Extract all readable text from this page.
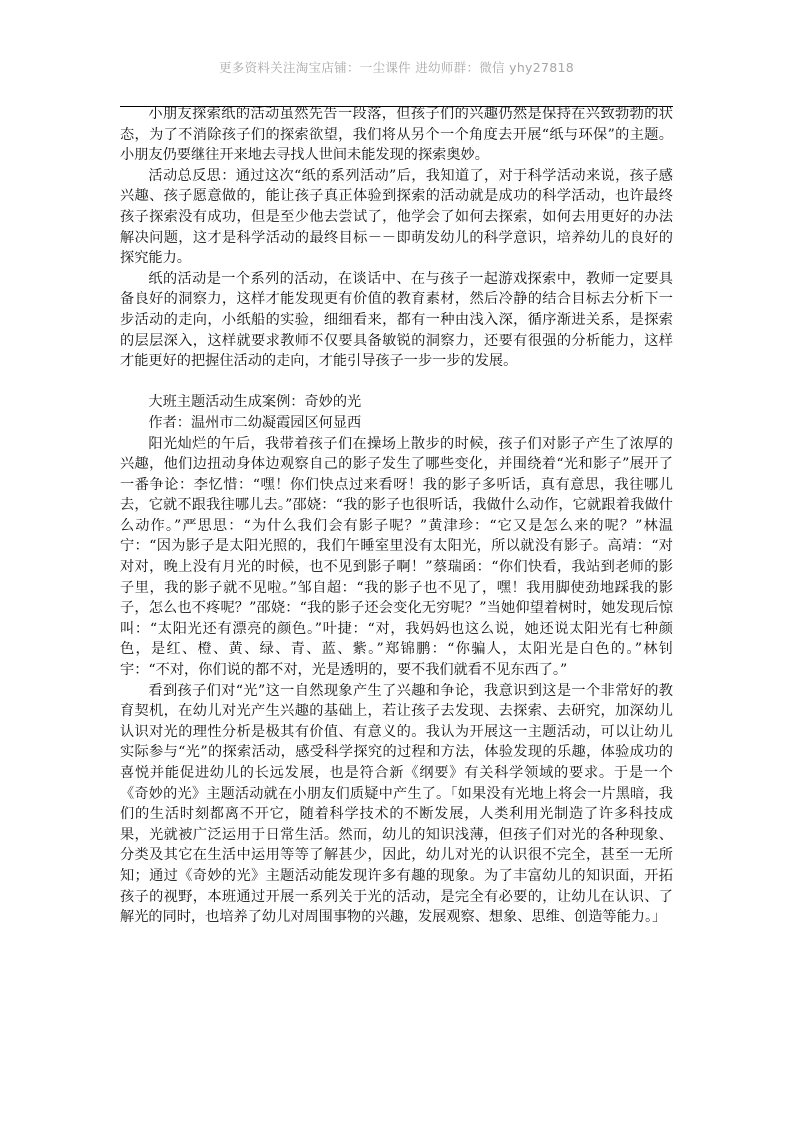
更多资料关注淘宝店铺：一尘课件 进幼师群：微信 yhy27818

小朋友探索纸的活动虽然先告一段落，但孩子们的兴趣仍然是保持在兴致勃勃的状态，为了不消除孩子们的探索欲望，我们将从另个一个角度去开展“纸与环保”的主题。小朋友仍要继往开来地去寻找人世间未能发现的探索奥妙。

活动总反思：通过这次“纸的系列活动”后，我知道了，对于科学活动来说，孩子感兴趣、孩子愿意做的，能让孩子真正体验到探索的活动就是成功的科学活动，也许最终孩子探索没有成功，但是至少他去尝试了，他学会了如何去探索，如何去用更好的办法解决问题，这才是科学活动的最终目标－－即萌发幼儿的科学意识，培养幼儿的良好的探究能力。

纸的活动是一个系列的活动，在谈话中、在与孩子一起游戏探索中，教师一定要具备良好的洞察力，这样才能发现更有价值的教育素材，然后冷静的结合目标去分析下一步活动的走向，小纸船的实验，细细看来，都有一种由浅入深，循序渐进关系，是探索的层层深入，这样就要求教师不仅要具备敏锐的洞察力，还要有很强的分析能力，这样才能更好的把握住活动的走向，才能引导孩子一步一步的发展。

大班主题活动生成案例：奇妙的光

作者：温州市二幼凝霞园区何显西

阳光灿烂的午后，我带着孩子们在操场上散步的时候，孩子们对影子产生了浓厚的兴趣，他们边扭动身体边观察自己的影子发生了哪些变化，并围绕着“光和影子”展开了一番争论：李忆惜：“嘿！你们快点过来看呀！我的影子多听话，真有意思，我往哪儿去，它就不跟我往哪儿去。”邵娆：“我的影子也很听话，我做什么动作，它就跟着我做什么动作。”严思思：“为什么我们会有影子呢？”黄津珍：“它又是怎么来的呢？”林温宁：“因为影子是太阳光照的，我们午睡室里没有太阳光，所以就没有影子。高靖：“对对对，晚上没有月光的时候，也不见到影子啊！”蔡瑞函：“你们快看，我站到老师的影子里，我的影子就不见啦。”邹自超：“我的影子也不见了，嘿！我用脚使劲地踩我的影子，怎么也不疼呢？”邵娆：“我的影子还会变化无穷呢？”当她仰望着树时，她发现后惊叫：“太阳光还有漂亮的颜色。”叶捷：“对，我妈妈也这么说，她还说太阳光有七种颜色，是红、橙、黄、绿、青、蓝、紫。”郑锦鹏：“你骗人，太阳光是白色的。”林钊宇：“不对，你们说的都不对，光是透明的，要不我们就看不见东西了。”

看到孩子们对“光”这一自然现象产生了兴趣和争论，我意识到这是一个非常好的教育契机，在幼儿对光产生兴趣的基础上，若让孩子去发现、去探索、去研究，加深幼儿认识对光的理性分析是极其有价值、有意义的。我认为开展这一主题活动，可以让幼儿实际参与“光”的探索活动，感受科学探究的过程和方法，体验发现的乐趣，体验成功的喜悦并能促进幼儿的长远发展，也是符合新《纲要》有关科学领域的要求。于是一个《奇妙的光》主题活动就在小朋友们质疑中产生了。「如果没有光地上将会一片黑暗，我们的生活时刻都离不开它，随着科学技术的不断发展，人类利用光制造了许多科技成果，光就被广泛运用于日常生活。然而，幼儿的知识浅薄，但孩子们对光的各种现象、分类及其它在生活中运用等等了解甚少，因此，幼儿对光的认识很不完全，甚至一无所知；通过《奇妙的光》主题活动能发现许多有趣的现象。为了丰富幼儿的知识面，开拓孩子的视野，本班通过开展一系列关于光的活动，是完全有必要的，让幼儿在认识、了解光的同时，也培养了幼儿对周围事物的兴趣，发展观察、想象、思维、创造等能力。」
